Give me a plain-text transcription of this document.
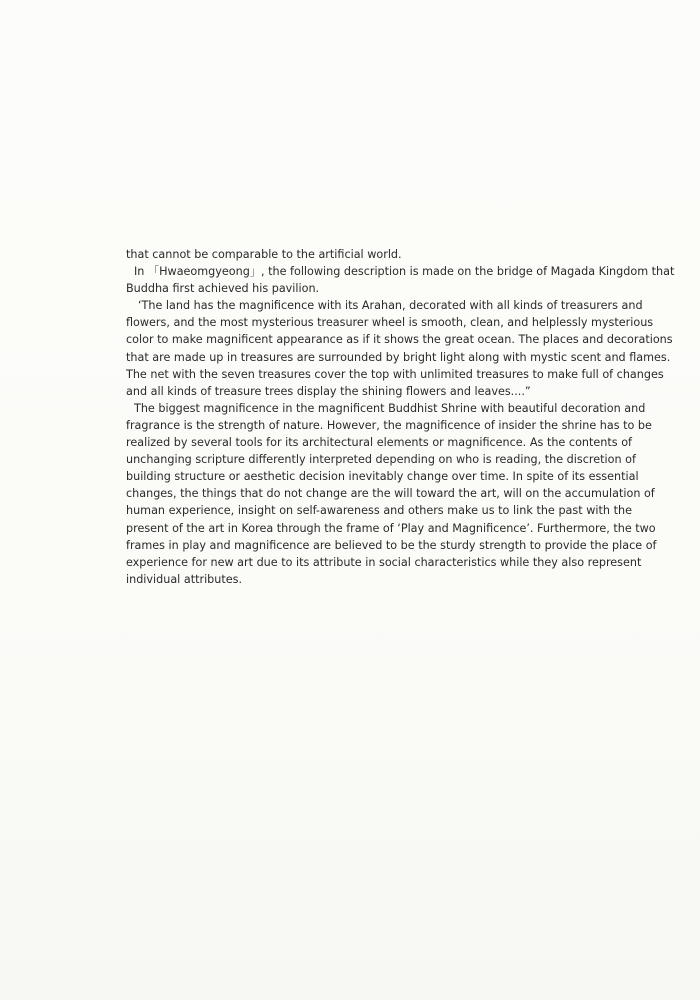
that cannot be comparable to the artificial world.

In 「Hwaeomgyeong」, the following description is made on the bridge of Magada Kingdom that
Buddha first achieved his pavilion.

‘The land has the magnificence with its Arahan, decorated with all kinds of treasurers and
flowers, and the most mysterious treasurer wheel is smooth, clean, and helplessly mysterious
color to make magnificent appearance as if it shows the great ocean. The places and decorations
that are made up in treasures are surrounded by bright light along with mystic scent and flames.
The net with the seven treasures cover the top with unlimited treasures to make full of changes
and all kinds of treasure trees display the shining flowers and leaves....”

The biggest magnificence in the magnificent Buddhist Shrine with beautiful decoration and
fragrance is the strength of nature. However, the magnificence of insider the shrine has to be
realized by several tools for its architectural elements or magnificence. As the contents of
unchanging scripture differently interpreted depending on who is reading, the discretion of
building structure or aesthetic decision inevitably change over time. In spite of its essential
changes, the things that do not change are the will toward the art, will on the accumulation of
human experience, insight on self-awareness and others make us to link the past with the
present of the art in Korea through the frame of ‘Play and Magnificence’. Furthermore, the two
frames in play and magnificence are believed to be the sturdy strength to provide the place of
experience for new art due to its attribute in social characteristics while they also represent
individual attributes.
